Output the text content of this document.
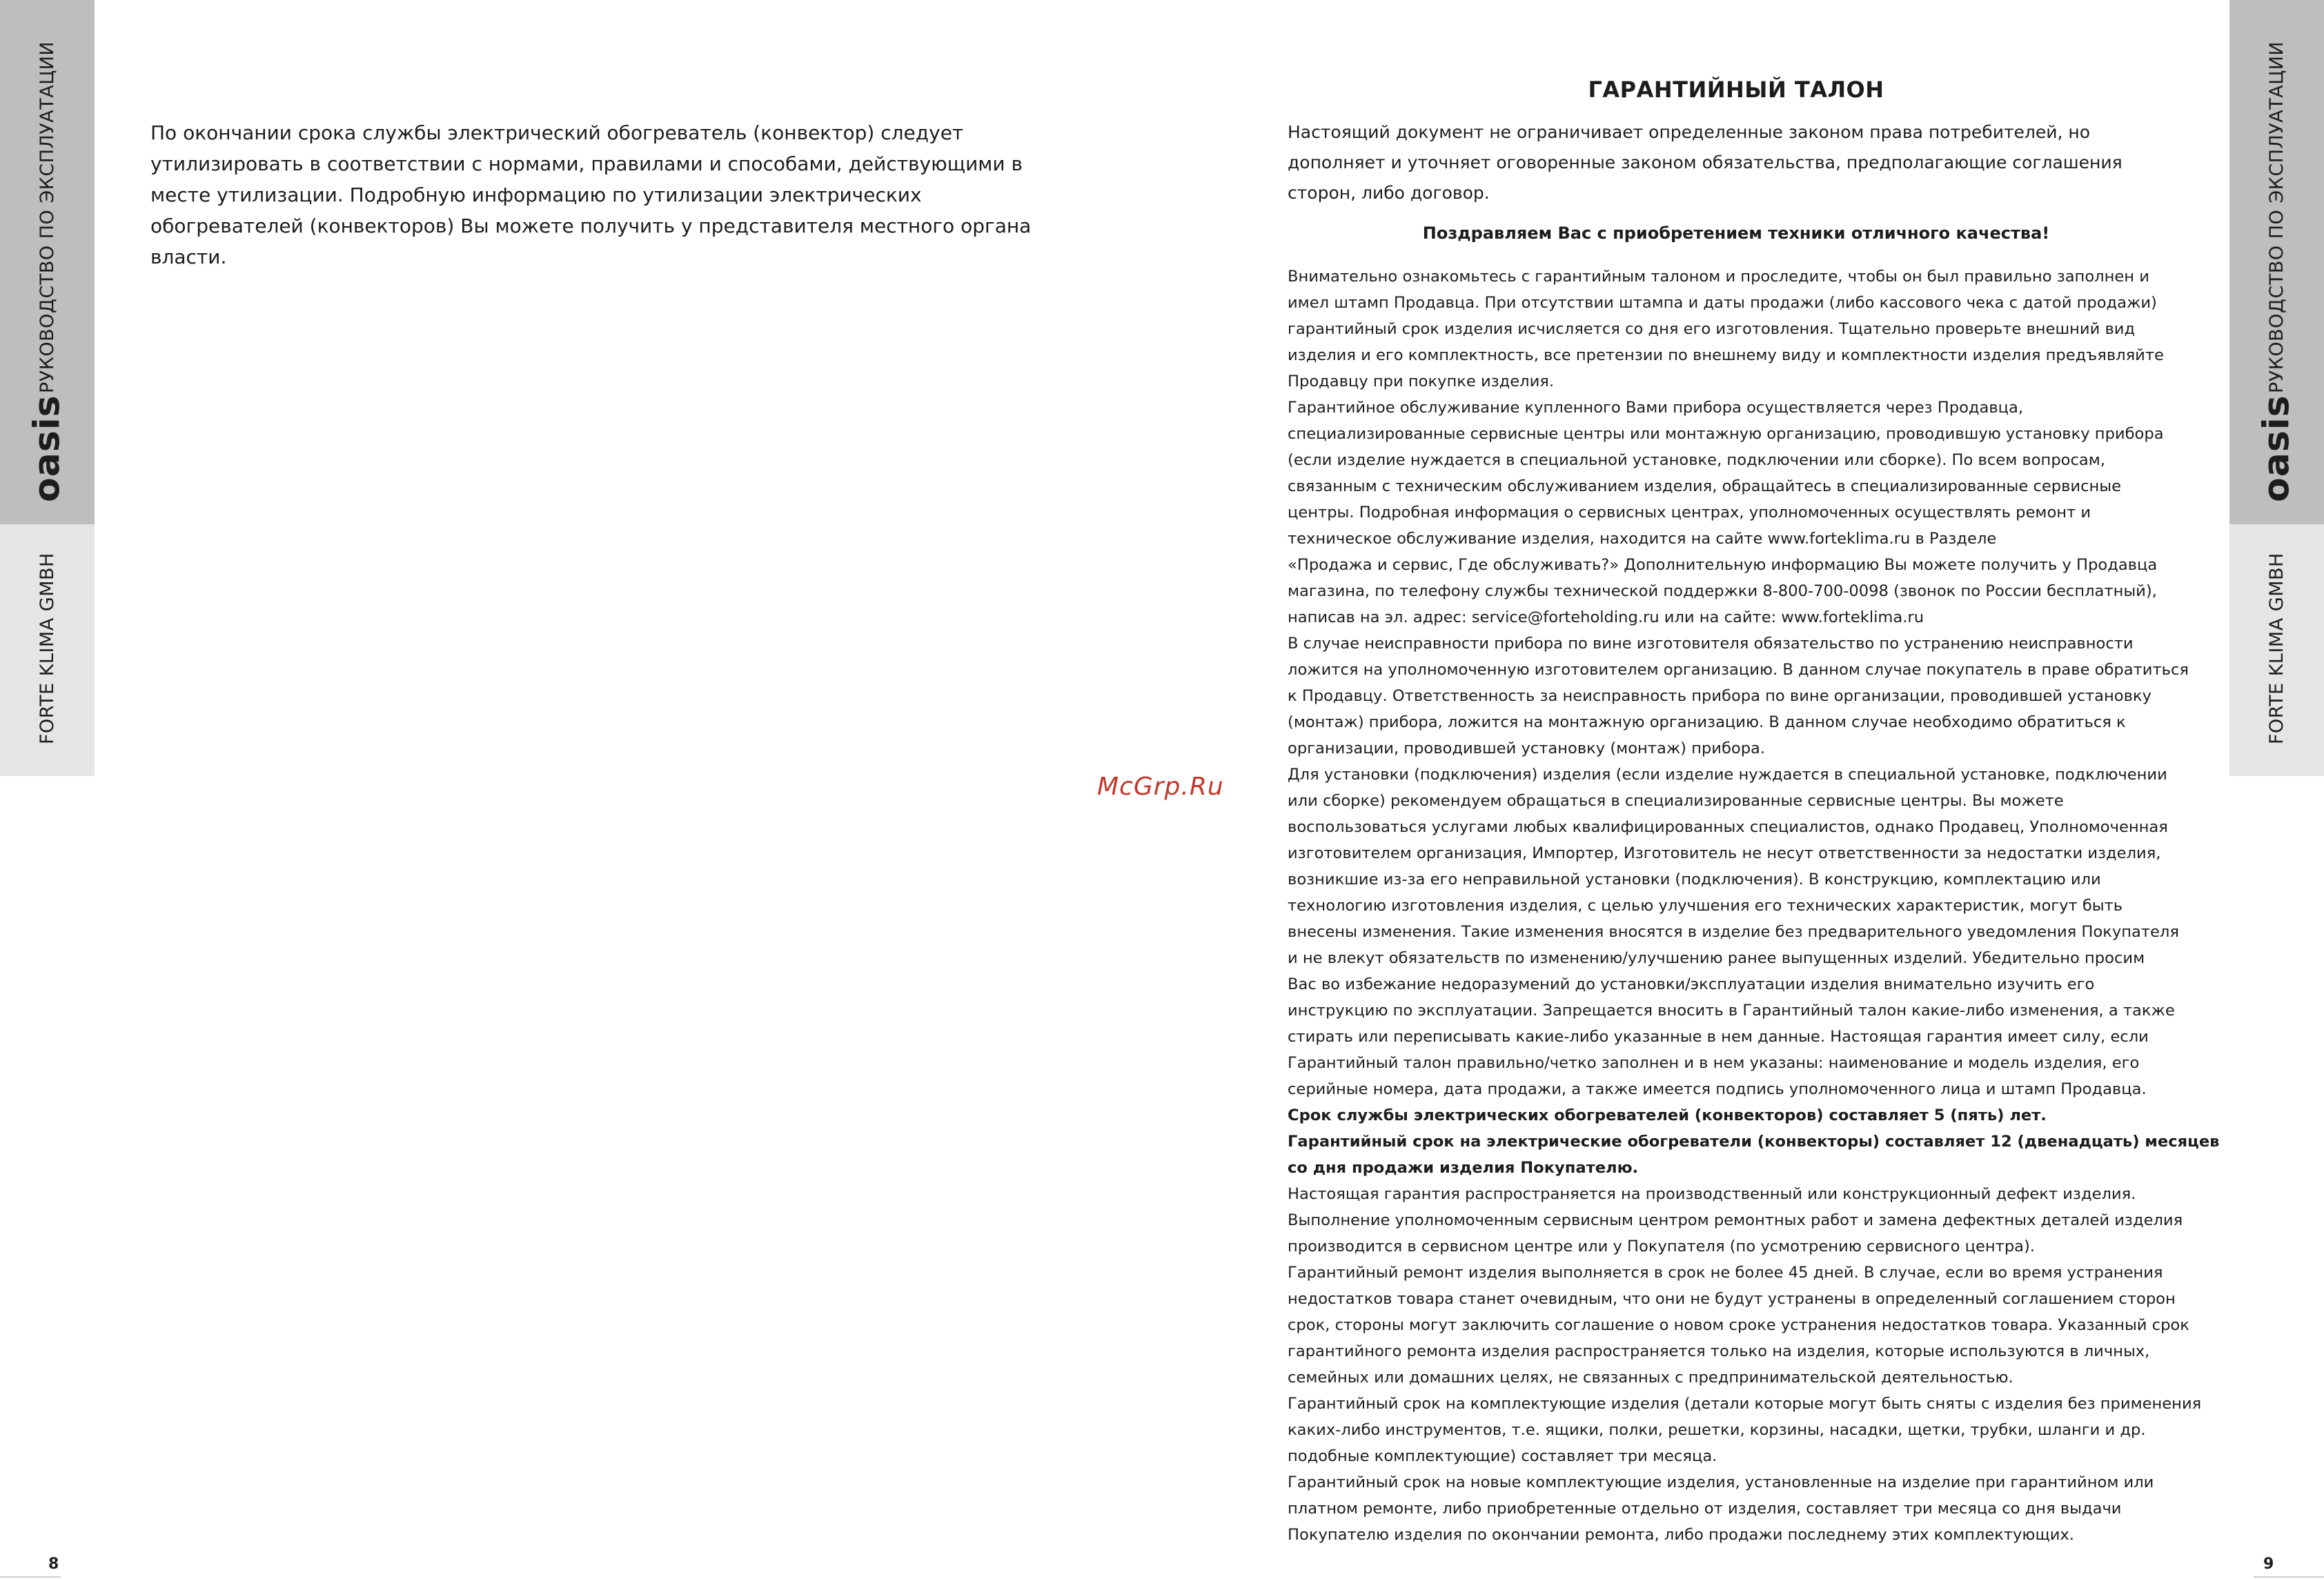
РУКОВОДСТВО ПО ЭКСПЛУАТАЦИИ
oasis
FORTE KLIMA GMBH
РУКОВОДСТВО ПО ЭКСПЛУАТАЦИИ
oasis
FORTE KLIMA GMBH

По окончании срока службы электрический обогреватель (конвектор) следует утилизировать в соответствии с нормами, правилами и способами, действующими в месте утилизации. Подробную информацию по утилизации электрических обогревателей (конвекторов) Вы можете получить у представителя местного органа власти.

McGrp.Ru
ГАРАНТИЙНЫЙ ТАЛОН

Настоящий документ не ограничивает определенные законом права потребителей, но дополняет и уточняет оговоренные законом обязательства, предполагающие соглашения сторон, либо договор.

Поздравляем Вас с приобретением техники отличного качества!

Внимательно ознакомьтесь с гарантийным талоном и проследите, чтобы он был правильно заполнен и
имел штамп Продавца. При отсутствии штампа и даты продажи (либо кассового чека с датой продажи)
гарантийный срок изделия исчисляется со дня его изготовления. Тщательно проверьте внешний вид
изделия и его комплектность, все претензии по внешнему виду и комплектности изделия предъявляйте
Продавцу при покупке изделия.
Гарантийное обслуживание купленного Вами прибора осуществляется через Продавца,
специализированные сервисные центры или монтажную организацию, проводившую установку прибора
(если изделие нуждается в специальной установке, подключении или сборке). По всем вопросам,
связанным с техническим обслуживанием изделия, обращайтесь в специализированные сервисные
центры. Подробная информация о сервисных центрах, уполномоченных осуществлять ремонт и
техническое обслуживание изделия, находится на сайте www.forteklima.ru в Разделе
«Продажа и сервис, Где обслуживать?» Дополнительную информацию Вы можете получить у Продавца
магазина, по телефону службы технической поддержки 8-800-700-0098 (звонок по России бесплатный),
написав на эл. адрес: service@forteholding.ru или на сайте: www.forteklima.ru
В случае неисправности прибора по вине изготовителя обязательство по устранению неисправности
ложится на уполномоченную изготовителем организацию. В данном случае покупатель в праве обратиться
к Продавцу. Ответственность за неисправность прибора по вине организации, проводившей установку
(монтаж) прибора, ложится на монтажную организацию. В данном случае необходимо обратиться к
организации, проводившей установку (монтаж) прибора.
Для установки (подключения) изделия (если изделие нуждается в специальной установке, подключении
или сборке) рекомендуем обращаться в специализированные сервисные центры. Вы можете
воспользоваться услугами любых квалифицированных специалистов, однако Продавец, Уполномоченная
изготовителем организация, Импортер, Изготовитель не несут ответственности за недостатки изделия,
возникшие из-за его неправильной установки (подключения). В конструкцию, комплектацию или
технологию изготовления изделия, с целью улучшения его технических характеристик, могут быть
внесены изменения. Такие изменения вносятся в изделие без предварительного уведомления Покупателя
и не влекут обязательств по изменению/улучшению ранее выпущенных изделий. Убедительно просим
Вас во избежание недоразумений до установки/эксплуатации изделия внимательно изучить его
инструкцию по эксплуатации. Запрещается вносить в Гарантийный талон какие-либо изменения, а также
стирать или переписывать какие-либо указанные в нем данные. Настоящая гарантия имеет силу, если
Гарантийный талон правильно/четко заполнен и в нем указаны: наименование и модель изделия, его
серийные номера, дата продажи, а также имеется подпись уполномоченного лица и штамп Продавца.
Срок службы электрических обогревателей (конвекторов) составляет 5 (пять) лет.
Гарантийный срок на электрические обогреватели (конвекторы) составляет 12 (двенадцать) месяцев
со дня продажи изделия Покупателю.
Настоящая гарантия распространяется на производственный или конструкционный дефект изделия.
Выполнение уполномоченным сервисным центром ремонтных работ и замена дефектных деталей изделия
производится в сервисном центре или у Покупателя (по усмотрению сервисного центра).
Гарантийный ремонт изделия выполняется в срок не более 45 дней. В случае, если во время устранения
недостатков товара станет очевидным, что они не будут устранены в определенный соглашением сторон
срок, стороны могут заключить соглашение о новом сроке устранения недостатков товара. Указанный срок
гарантийного ремонта изделия распространяется только на изделия, которые используются в личных,
семейных или домашних целях, не связанных с предпринимательской деятельностью.
Гарантийный срок на комплектующие изделия (детали которые могут быть сняты с изделия без применения
каких-либо инструментов, т.е. ящики, полки, решетки, корзины, насадки, щетки, трубки, шланги и др.
подобные комплектующие) составляет три месяца.
Гарантийный срок на новые комплектующие изделия, установленные на изделие при гарантийном или
платном ремонте, либо приобретенные отдельно от изделия, составляет три месяца со дня выдачи
Покупателю изделия по окончании ремонта, либо продажи последнему этих комплектующих.
8	9
